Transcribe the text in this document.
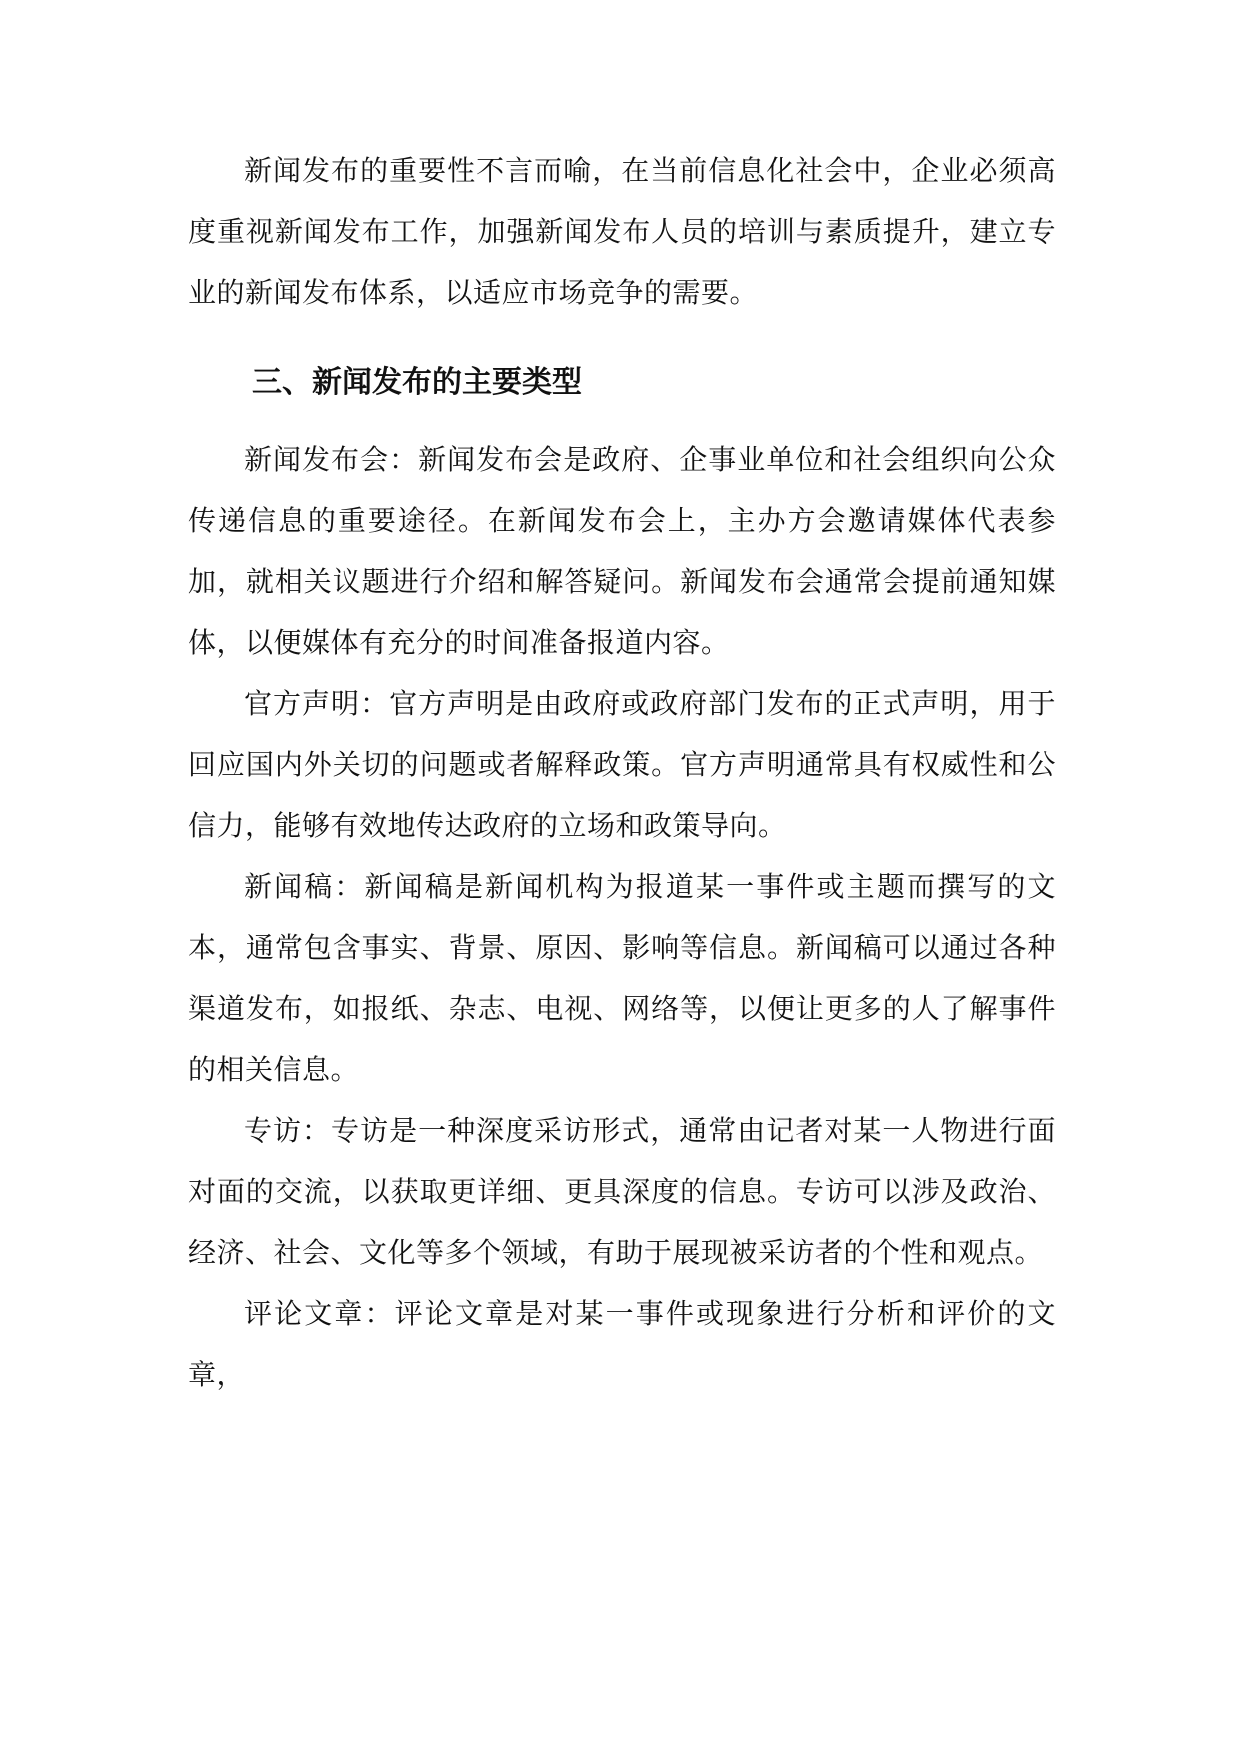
新闻发布的重要性不言而喻，在当前信息化社会中，企业必须高度重视新闻发布工作，加强新闻发布人员的培训与素质提升，建立专业的新闻发布体系，以适应市场竞争的需要。

三、新闻发布的主要类型

新闻发布会：新闻发布会是政府、企事业单位和社会组织向公众传递信息的重要途径。在新闻发布会上，主办方会邀请媒体代表参加，就相关议题进行介绍和解答疑问。新闻发布会通常会提前通知媒体，以便媒体有充分的时间准备报道内容。

官方声明：官方声明是由政府或政府部门发布的正式声明，用于回应国内外关切的问题或者解释政策。官方声明通常具有权威性和公信力，能够有效地传达政府的立场和政策导向。

新闻稿：新闻稿是新闻机构为报道某一事件或主题而撰写的文本，通常包含事实、背景、原因、影响等信息。新闻稿可以通过各种渠道发布，如报纸、杂志、电视、网络等，以便让更多的人了解事件的相关信息。

专访：专访是一种深度采访形式，通常由记者对某一人物进行面对面的交流，以获取更详细、更具深度的信息。专访可以涉及政治、经济、社会、文化等多个领域，有助于展现被采访者的个性和观点。

评论文章：评论文章是对某一事件或现象进行分析和评价的文章，
